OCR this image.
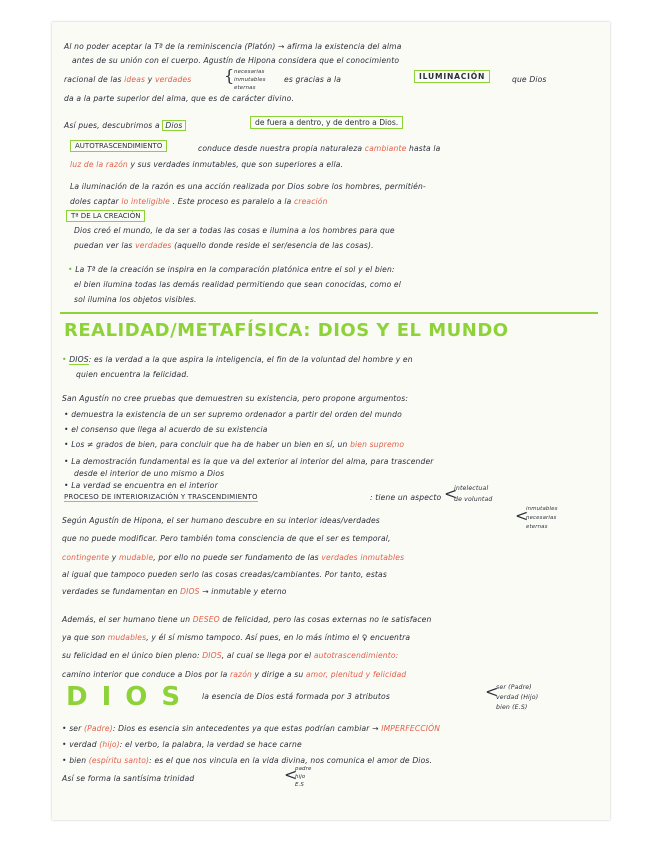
Al no poder aceptar la Tª de la reminiscencia (Platón) → afirma la existencia del alma
antes de su unión con el cuerpo. Agustín de Hipona considera que el conocimiento
racional de las ideas y verdades { necesarias
inmutables
eternas
es gracias a la	ILUMINACIÓN	que Dios
da a la parte superior del alma, que es de carácter divino.
Así pues, descubrimos a Dios	de fuera a dentro, y de dentro a Dios.
AUTOTRASCENDIMIENTO	conduce desde nuestra propia naturaleza cambiante hasta la
luz de la razón y sus verdades inmutables, que son superiores a ella.
La iluminación de la razón es una acción realizada por Dios sobre los hombres, permitién-
doles captar lo inteligible . Este proceso es paralelo a la creación
Tª DE LA CREACIÓN
Dios creó el mundo, le da ser a todas las cosas e ilumina a los hombres para que
puedan ver las verdades (aquello donde reside el ser/esencia de las cosas).
• La Tª de la creación se inspira en la comparación platónica entre el sol y el bien:
el bien ilumina todas las demás realidad permitiendo que sean conocidas, como el
sol ilumina los objetos visibles.
REALIDAD/METAFÍSICA: DIOS Y EL MUNDO
• DIOS: es la verdad a la que aspira la inteligencia, el fin de la voluntad del hombre y en
quien encuentra la felicidad.
San Agustín no cree pruebas que demuestren su existencia, pero propone argumentos:
• demuestra la existencia de un ser supremo ordenador a partir del orden del mundo
• el consenso que llega al acuerdo de su existencia
• Los ≠ grados de bien, para concluir que ha de haber un bien en sí, un bien supremo
• La demostración fundamental es la que va del exterior al interior del alma, para trascender
desde el interior de uno mismo a Dios
• La verdad se encuentra en el interior
PROCESO DE INTERIORIZACIÓN Y TRASCENDIMIENTO	: tiene un aspecto <
intelectual
de voluntad
Según Agustín de Hipona, el ser humano descubre en su interior ideas/verdades	<
inmutables
necesarias
eternas
que no puede modificar. Pero también toma consciencia de que el ser es temporal,
contingente y mudable, por ello no puede ser fundamento de las verdades inmutables
al igual que tampoco pueden serlo las cosas creadas/cambiantes. Por tanto, estas
verdades se fundamentan en DIOS → inmutable y eterno
Además, el ser humano tiene un DESEO de felicidad, pero las cosas externas no le satisfacen
ya que son mudables, y él sí mismo tampoco. Así pues, en lo más íntimo el ♀ encuentra
su felicidad en el único bien pleno: DIOS, al cual se llega por el autotrascendimiento:
camino interior que conduce a Dios por la razón y dirige a su amor, plenitud y felicidad
DIOS la esencia de Dios está formada por 3 atributos	<
ser (Padre)
verdad (Hijo)
bien (E.S)
• ser (Padre): Dios es esencia sin antecedentes ya que estas podrían cambiar → IMPERFECCIÓN
• verdad (hijo): el verbo, la palabra, la verdad se hace carne
• bien (espíritu santo): es el que nos vincula en la vida divina, nos comunica el amor de Dios.
Así se forma la santísima trinidad	<
padre
hijo
E.S
